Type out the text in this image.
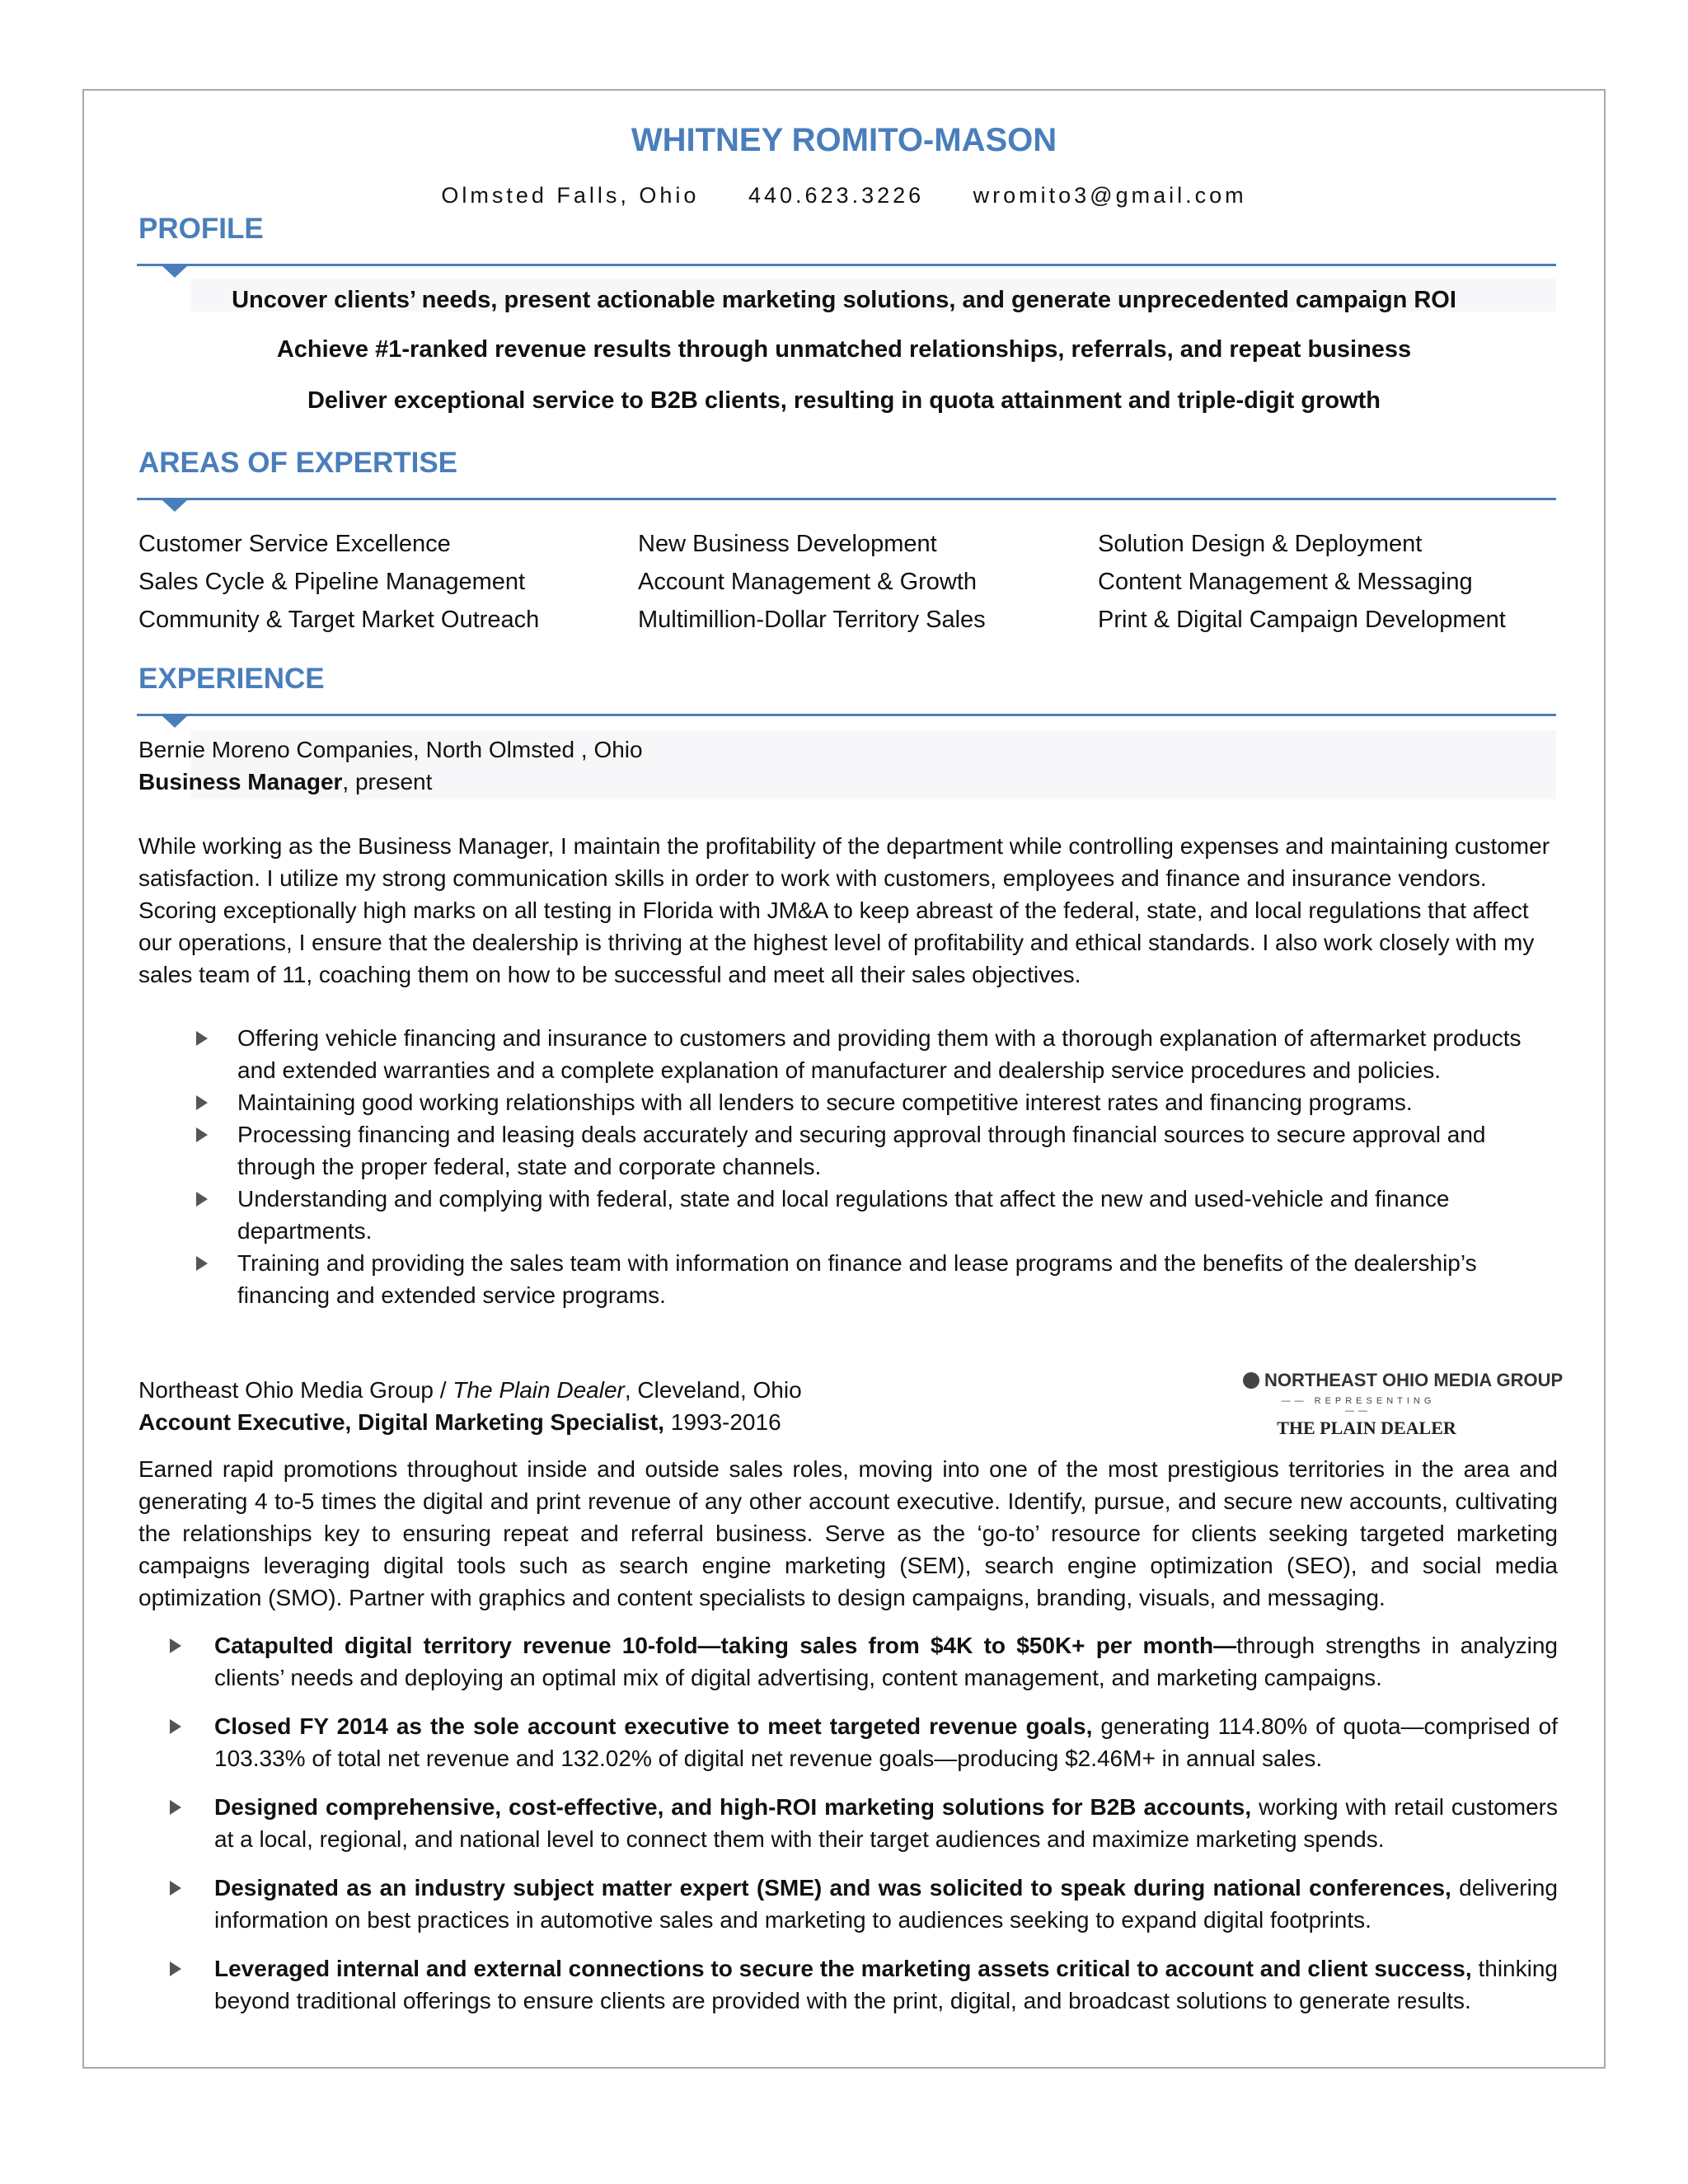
WHITNEY ROMITO-MASON
Olmsted Falls, Ohio 440.623.3226 wromito3@gmail.com
PROFILE
Uncover clients’ needs, present actionable marketing solutions, and generate unprecedented campaign ROI
Achieve #1-ranked revenue results through unmatched relationships, referrals, and repeat business
Deliver exceptional service to B2B clients, resulting in quota attainment and triple-digit growth
AREAS OF EXPERTISE
Customer Service Excellence
Sales Cycle & Pipeline Management
Community & Target Market Outreach
New Business Development
Account Management & Growth
Multimillion-Dollar Territory Sales
Solution Design & Deployment
Content Management & Messaging
Print & Digital Campaign Development
EXPERIENCE
Bernie Moreno Companies, North Olmsted , Ohio
Business Manager, present
While working as the Business Manager, I maintain the profitability of the department while controlling expenses and maintaining customer satisfaction. I utilize my strong communication skills in order to work with customers, employees and finance and insurance vendors. Scoring exceptionally high marks on all testing in Florida with JM&A to keep abreast of the federal, state, and local regulations that affect our operations, I ensure that the dealership is thriving at the highest level of profitability and ethical standards. I also work closely with my sales team of 11, coaching them on how to be successful and meet all their sales objectives.
Offering vehicle financing and insurance to customers and providing them with a thorough explanation of aftermarket products and extended warranties and a complete explanation of manufacturer and dealership service procedures and policies.
Maintaining good working relationships with all lenders to secure competitive interest rates and financing programs.
Processing financing and leasing deals accurately and securing approval through financial sources to secure approval and through the proper federal, state and corporate channels.
Understanding and complying with federal, state and local regulations that affect the new and used-vehicle and finance departments.
Training and providing the sales team with information on finance and lease programs and the benefits of the dealership’s financing and extended service programs.
Northeast Ohio Media Group / The Plain Dealer, Cleveland, Ohio
Account Executive, Digital Marketing Specialist, 1993-2016
NORTHEAST OHIO MEDIA GROUP
—— REPRESENTING ——
THE PLAIN DEALER
Earned rapid promotions throughout inside and outside sales roles, moving into one of the most prestigious territories in the area and generating 4 to-5 times the digital and print revenue of any other account executive. Identify, pursue, and secure new accounts, cultivating the relationships key to ensuring repeat and referral business. Serve as the ‘go-to’ resource for clients seeking targeted marketing campaigns leveraging digital tools such as search engine marketing (SEM), search engine optimization (SEO), and social media optimization (SMO). Partner with graphics and content specialists to design campaigns, branding, visuals, and messaging.
Catapulted digital territory revenue 10-fold—taking sales from $4K to $50K+ per month—through strengths in analyzing clients’ needs and deploying an optimal mix of digital advertising, content management, and marketing campaigns.
Closed FY 2014 as the sole account executive to meet targeted revenue goals, generating 114.80% of quota—comprised of 103.33% of total net revenue and 132.02% of digital net revenue goals—producing $2.46M+ in annual sales.
Designed comprehensive, cost-effective, and high-ROI marketing solutions for B2B accounts, working with retail customers at a local, regional, and national level to connect them with their target audiences and maximize marketing spends.
Designated as an industry subject matter expert (SME) and was solicited to speak during national conferences, delivering information on best practices in automotive sales and marketing to audiences seeking to expand digital footprints.
Leveraged internal and external connections to secure the marketing assets critical to account and client success, thinking beyond traditional offerings to ensure clients are provided with the print, digital, and broadcast solutions to generate results.
